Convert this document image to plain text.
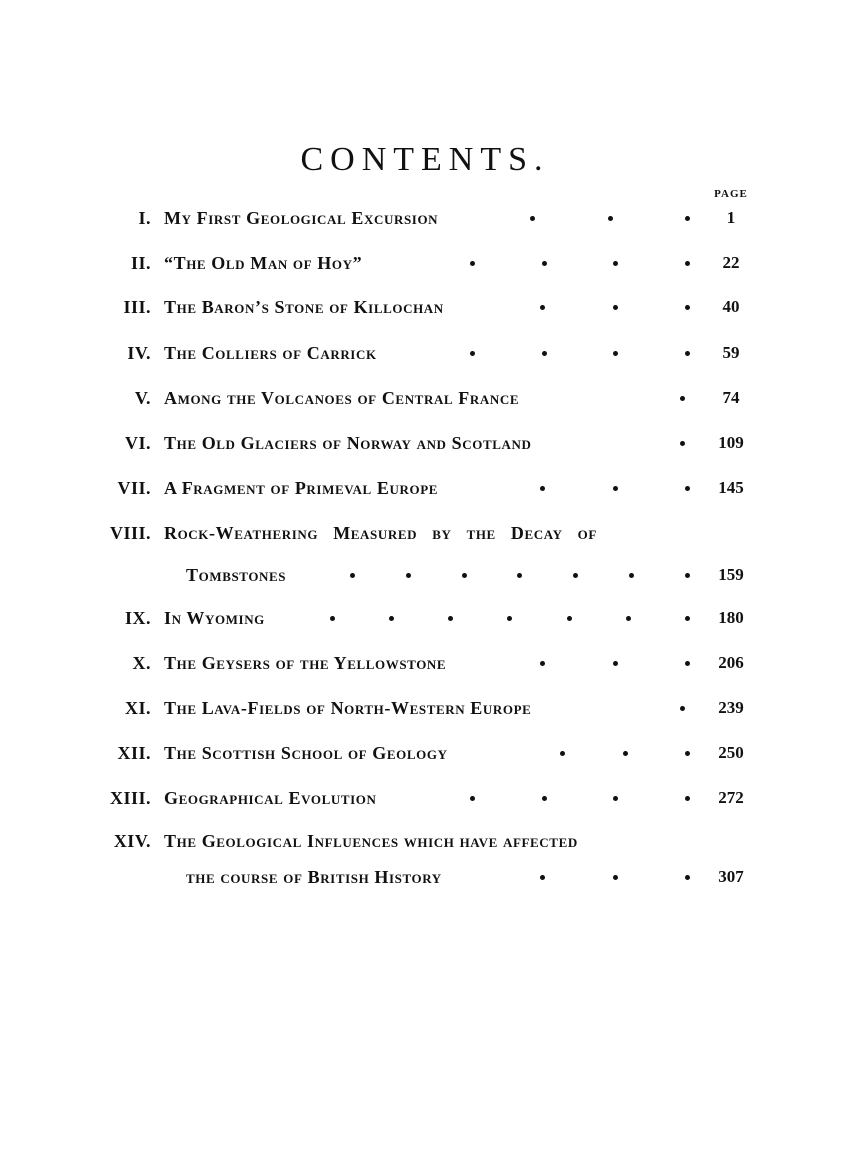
CONTENTS.
PAGE
I. My First Geological Excursion	1
II. “The Old Man of Hoy”	22
III. The Baron’s Stone of Killochan	40
IV. The Colliers of Carrick	59
V. Among the Volcanoes of Central France	74
VI. The Old Glaciers of Norway and Scotland	109
VII. A Fragment of Primeval Europe	145
VIII. Rock-Weathering Measured by the Decay of
Tombstones	159
IX. In Wyoming	180
X. The Geysers of the Yellowstone	206
XI. The Lava-Fields of North-Western Europe	239
XII. The Scottish School of Geology	250
XIII. Geographical Evolution	272
XIV. The Geological Influences which have affected
the course of British History	307
